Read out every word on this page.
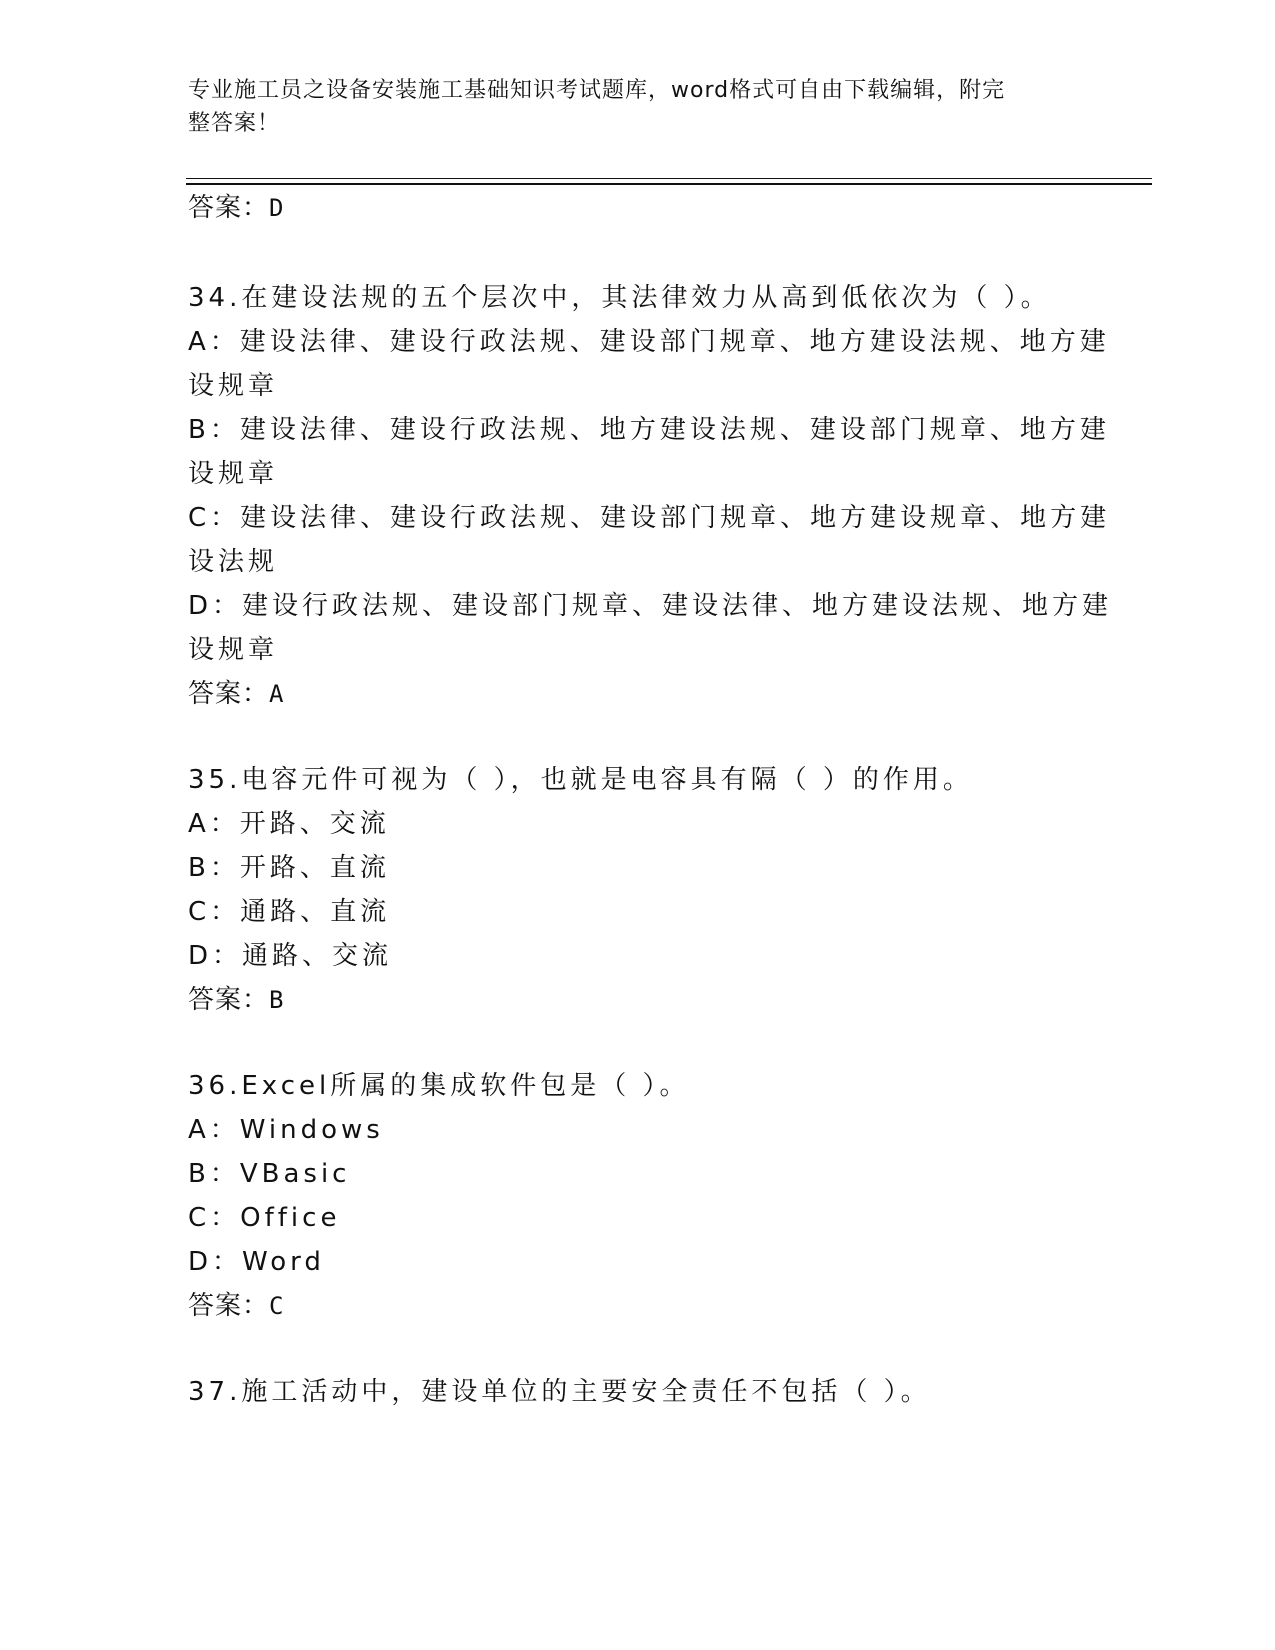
专业施工员之设备安装施工基础知识考试题库，word格式可自由下载编辑，附完
整答案！
答案：D
34.在建设法规的五个层次中，其法律效力从高到低依次为（ ）。
A：建设法律、建设行政法规、建设部门规章、地方建设法规、地方建
设规章
B：建设法律、建设行政法规、地方建设法规、建设部门规章、地方建
设规章
C：建设法律、建设行政法规、建设部门规章、地方建设规章、地方建
设法规
D：建设行政法规、建设部门规章、建设法律、地方建设法规、地方建
设规章
答案：A
35.电容元件可视为（ ），也就是电容具有隔（ ）的作用。
A：开路、交流
B：开路、直流
C：通路、直流
D：通路、交流
答案：B
36.Excel所属的集成软件包是（ ）。
A：Windows
B：VBasic
C：Office
D：Word
答案：C
37.施工活动中，建设单位的主要安全责任不包括（ ）。
